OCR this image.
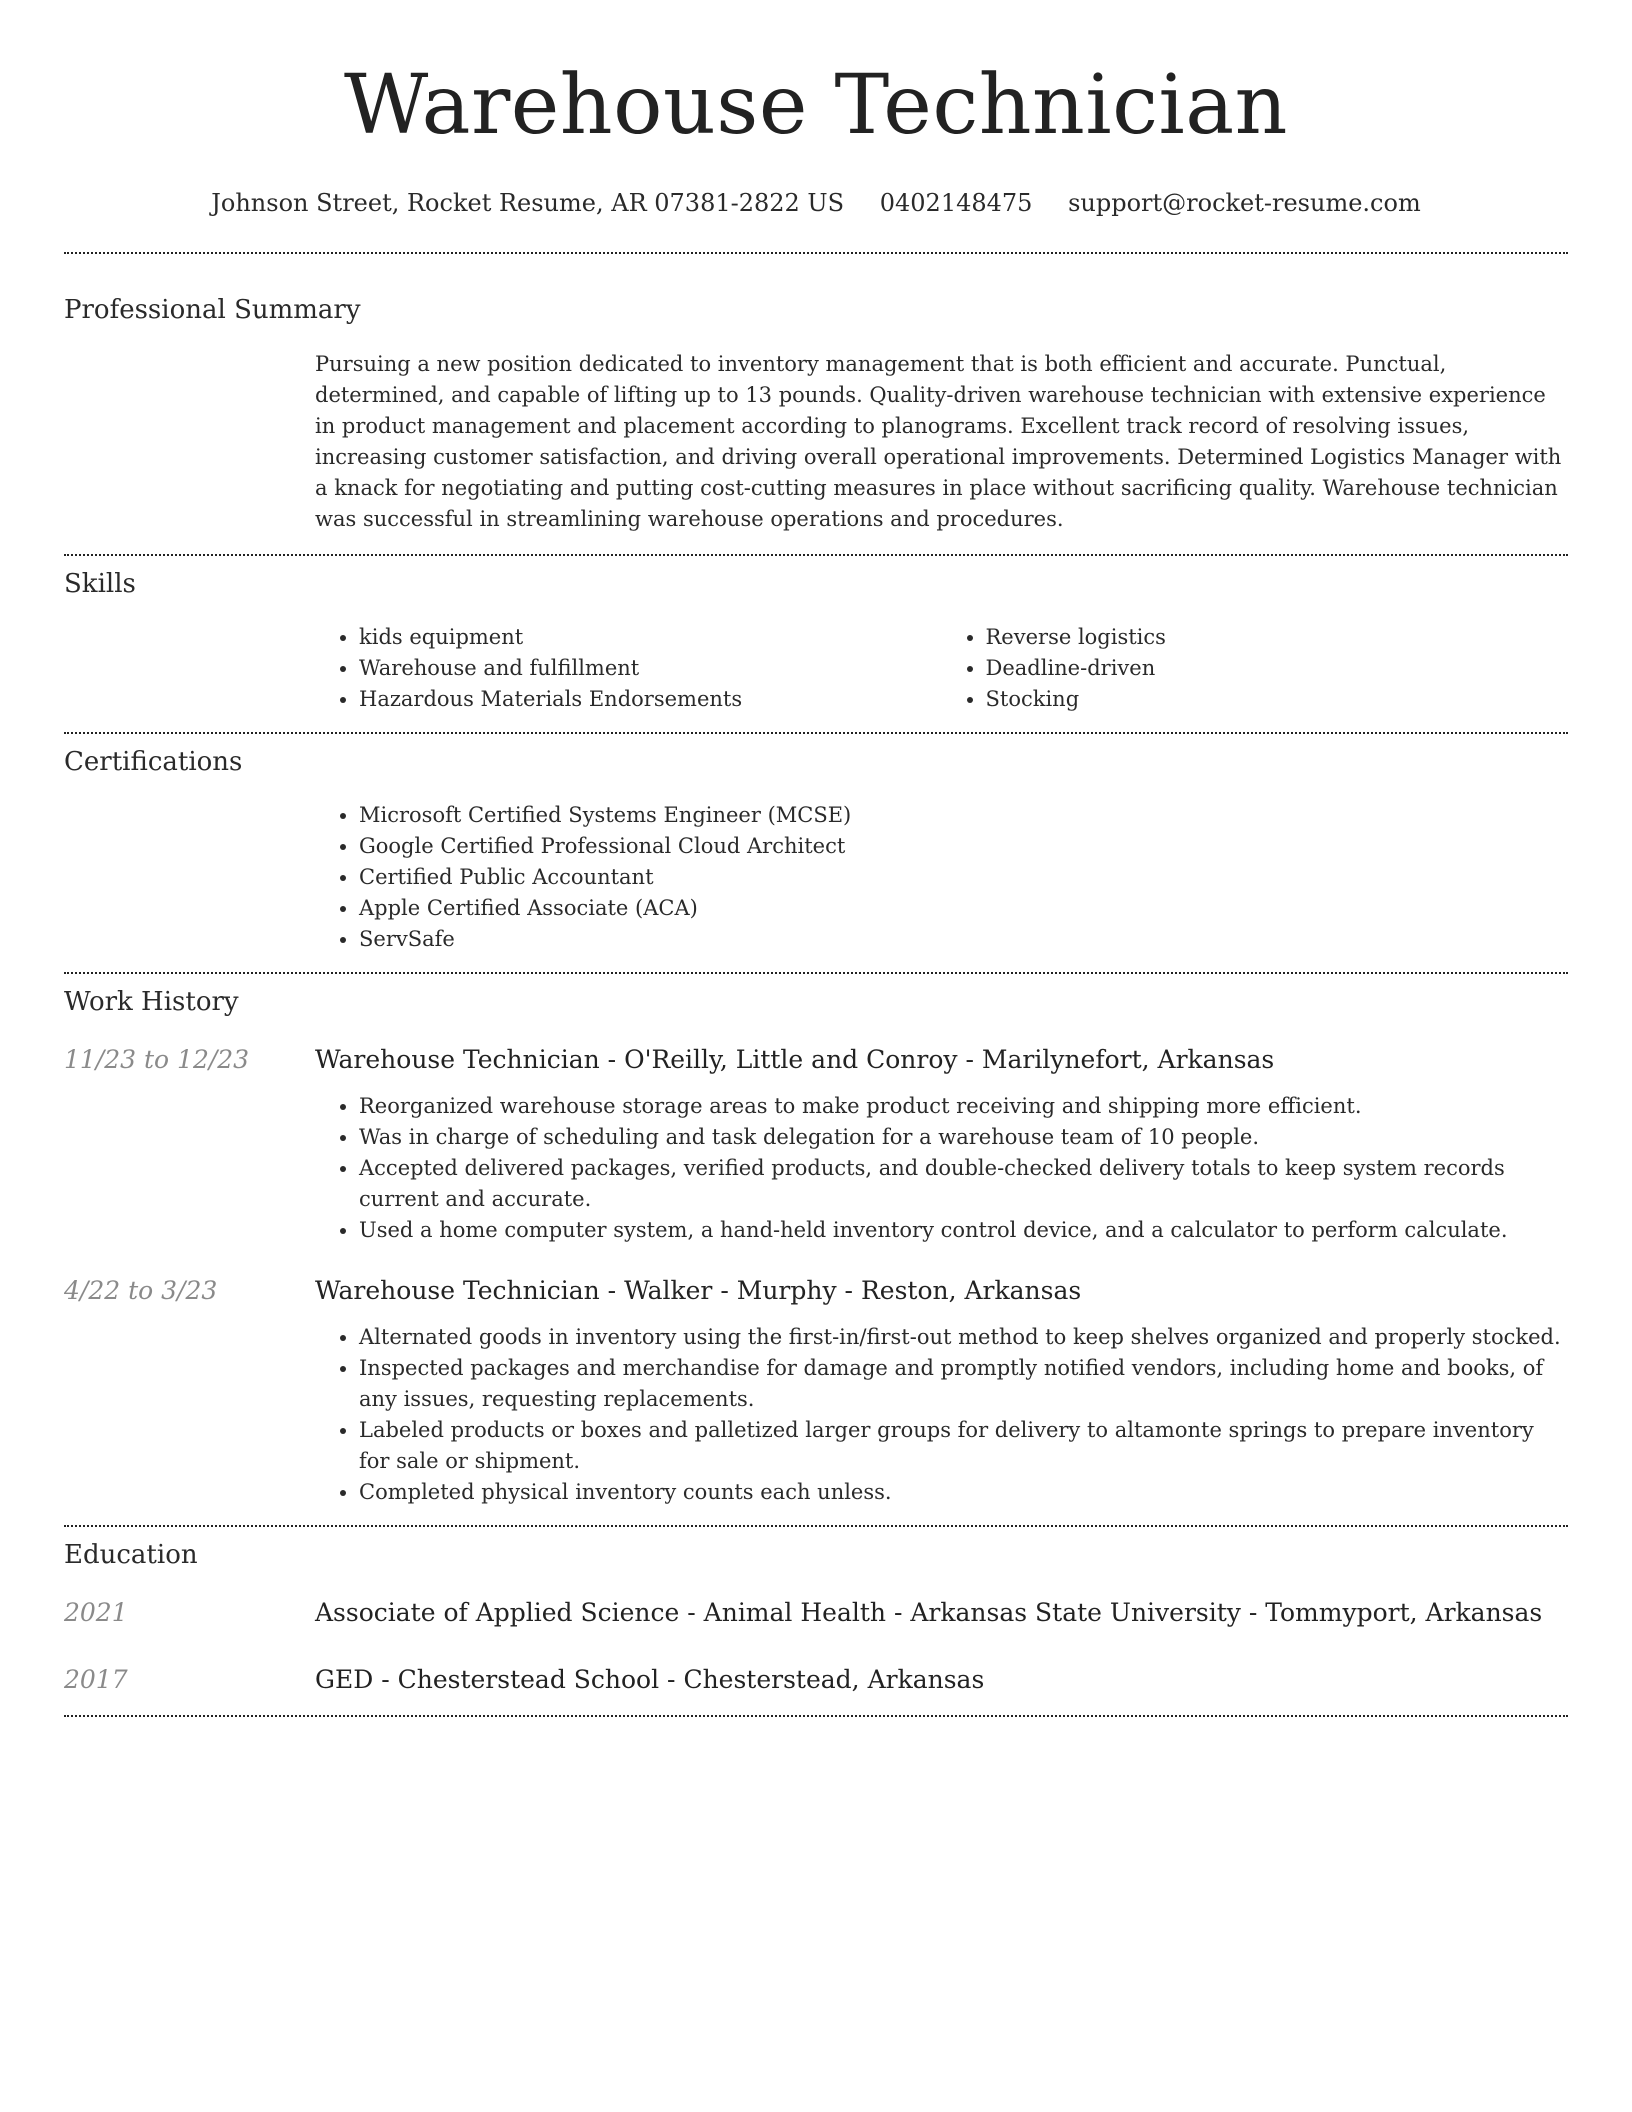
Warehouse Technician
Johnson Street, Rocket Resume, AR 07381-2822 US 0402148475 support@rocket-resume.com
Professional Summary
Pursuing a new position dedicated to inventory management that is both efficient and accurate. Punctual, determined, and capable of lifting up to 13 pounds. Quality-driven warehouse technician with extensive experience in product management and placement according to planograms. Excellent track record of resolving issues, increasing customer satisfaction, and driving overall operational improvements. Determined Logistics Manager with a knack for negotiating and putting cost-cutting measures in place without sacrificing quality. Warehouse technician was successful in streamlining warehouse operations and procedures.
Skills
• kids equipment
• Warehouse and fulfillment
• Hazardous Materials Endorsements
• Reverse logistics
• Deadline-driven
• Stocking
Certifications
• Microsoft Certified Systems Engineer (MCSE)
• Google Certified Professional Cloud Architect
• Certified Public Accountant
• Apple Certified Associate (ACA)
• ServSafe
Work History
11/23 to 12/23	Warehouse Technician - O'Reilly, Little and Conroy - Marilynefort, Arkansas
• Reorganized warehouse storage areas to make product receiving and shipping more efficient.
• Was in charge of scheduling and task delegation for a warehouse team of 10 people.
• Accepted delivered packages, verified products, and double-checked delivery totals to keep system records current and accurate.
• Used a home computer system, a hand-held inventory control device, and a calculator to perform calculate.
4/22 to 3/23	Warehouse Technician - Walker - Murphy - Reston, Arkansas
• Alternated goods in inventory using the first-in/first-out method to keep shelves organized and properly stocked.
• Inspected packages and merchandise for damage and promptly notified vendors, including home and books, of any issues, requesting replacements.
• Labeled products or boxes and palletized larger groups for delivery to altamonte springs to prepare inventory for sale or shipment.
• Completed physical inventory counts each unless.
Education
2021	Associate of Applied Science - Animal Health - Arkansas State University - Tommyport, Arkansas
2017	GED - Chesterstead School - Chesterstead, Arkansas
